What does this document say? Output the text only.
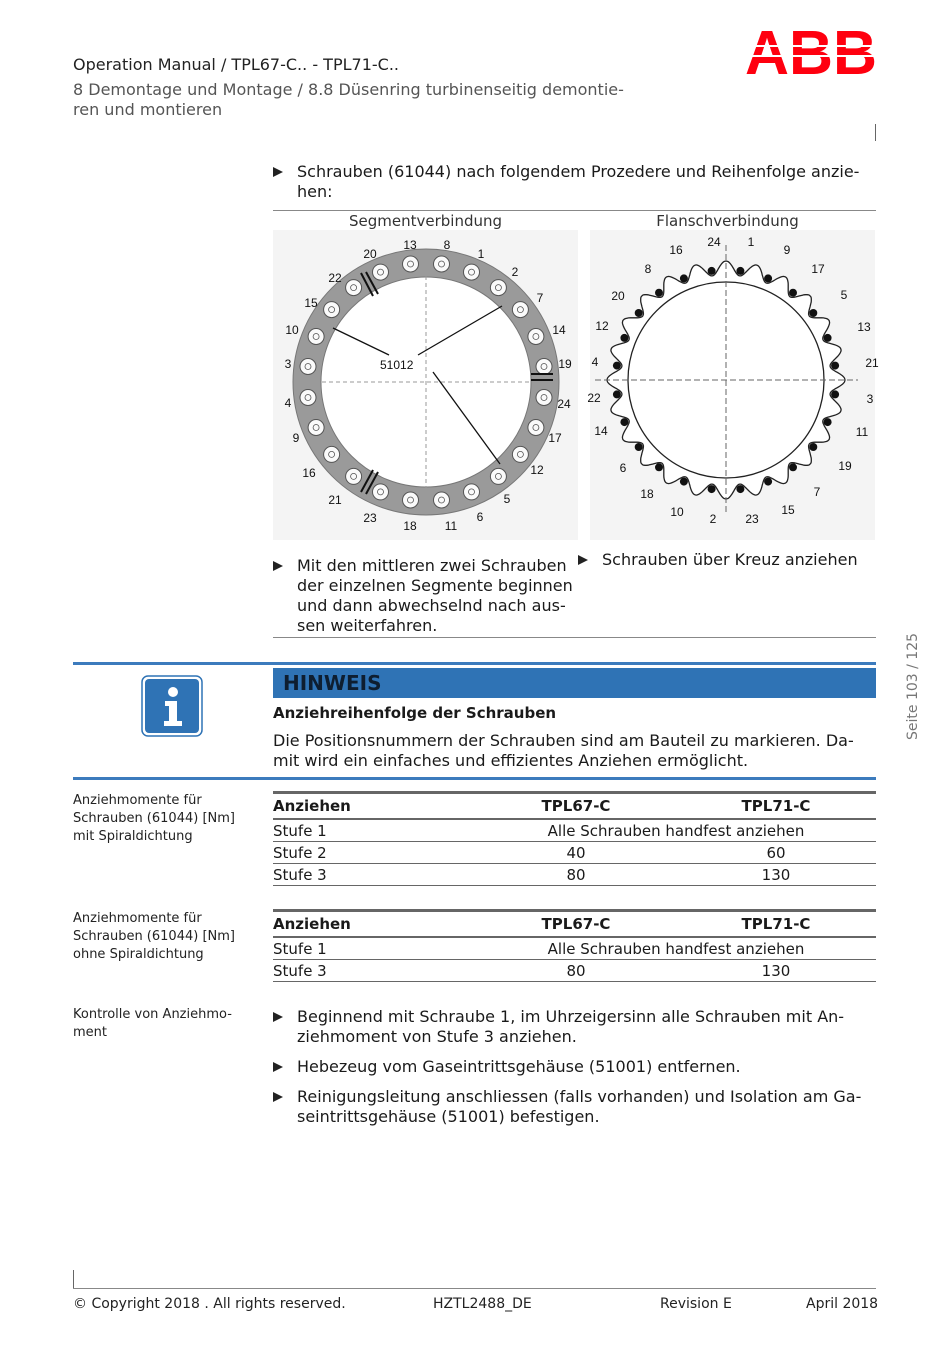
Operation Manual / TPL67-C.. - TPL71-C..
8 Demontage und Montage / 8.8 Düsenring turbinenseitig demontie-
ren und montieren
ABB
Schrauben (61044) nach folgendem Prozedere und Reihenfolge anzie-
hen:
Segmentverbindung	Flanschverbindung
51012
20
13 8
1
2
22
7
15
14
10
3	19
4	24
9	17
16	12
21	5
23
18 11
6
16
24 1
9
8	17
20	5
12	13
4	21
22	3
14	11
6	19
18	7
10 2 23
15
Mit den mittleren zwei Schrauben
der einzelnen Segmente beginnen
und dann abwechselnd nach aus-
sen weiterfahren.
Schrauben über Kreuz anziehen
HINWEIS
Anziehreihenfolge der Schrauben
Die Positionsnummern der Schrauben sind am Bauteil zu markieren. Da-
mit wird ein einfaches und effizientes Anziehen ermöglicht.
Anziehmomente für
Schrauben (61044) [Nm]
mit Spiraldichtung
Anziehen	TPL67-C	TPL71-C
Stufe 1	Alle Schrauben handfest anziehen	
Stufe 2	40	60
Stufe 3	80	130
Anziehmomente für
Schrauben (61044) [Nm]
ohne Spiraldichtung
Anziehen	TPL67-C	TPL71-C
Stufe 1	Alle Schrauben handfest anziehen	
Stufe 3	80	130
Kontrolle von Anziehmo-
ment
Beginnend mit Schraube 1, im Uhrzeigersinn alle Schrauben mit An-
ziehmoment von Stufe 3 anziehen.
Hebezeug vom Gaseintrittsgehäuse (51001) entfernen.
Reinigungsleitung anschliessen (falls vorhanden) und Isolation am Ga-
seintrittsgehäuse (51001) befestigen.
Seite 103 / 125
© Copyright 2018 . All rights reserved.	HZTL2488_DE	Revision E	April 2018
